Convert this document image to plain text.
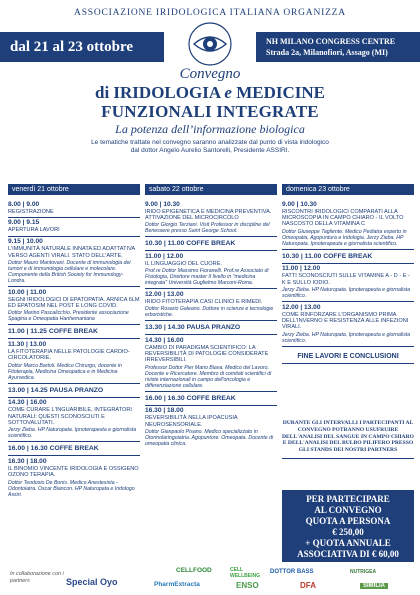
ASSOCIAZIONE IRIDOLOGICA ITALIANA ORGANIZZA
dal 21 al 23 ottobre	NH MILANO CONGRESS CENTRE
Strada 2a, Milanofiori, Assago (MI)
Convegno
di IRIDOLOGIA e MEDICINE
FUNZIONALI INTEGRATE
La potenza dell’informazione biologica
Le tematiche trattate nel convegno saranno analizzate dal punto di vista iridologico
dal dottor Angelo Aurelio Santorelli, Presidente ASSIRI.
venerdì 21 ottobre
8.00 | 9.00
REGISTRAZIONE
9.00 | 9.15
APERTURA LAVORI
9.15 | 10.00
L'IMMUNITÀ NATURALE INNATA ED ADATTATIVA VERSO AGENTI VIRALI. STATO DELL'ARTE.
Dottor Mauro Mantovani. Docente di immunologia dei tumori e di immunologia cellulare e molecolare. Componente della British Society for Immunology-Londra.
10.00 | 11.00
SEGNI IRIDOLOGICI DI EPATOPATIA. ARNICA 6LM ED EPATOSIM NEL POST E LONG COVID.
Dottor Marino Pascalicchio. Presidente associazione Spagiria e Omeopatia Hanhemaniana
11.00 | 11.25 COFFE BREAK
11.30 | 13.00
LA FITOTERAPIA NELLE PATOLOGIE CARDIO-CIRCOLATORIE.
Dottor Marco Bartoli. Medico Chirurgo, docente in Fitoterapia, Medicina Omeopatica e in Medicina Ayurvedica.
13.00 | 14.25 PAUSA PRANZO
14.30 | 16.00
COME CURARE L'INGUARIBILE, INTEGRATORI NATURALI: QUESTI SCONOSCIUTI E SOTTOVALUTATI.
Jerzy Zieba. HP Naturopata. Ipnoterapeuta e giornalista scientifico.
16.00 | 16.30 COFFE BREAK
16.30 | 18.00
IL BINOMIO VINCENTE IRIDOLOGIA E OSSIGENO OZONO TERAPIA.
Dottor Teodosio De Bonis. Medico Anestesista - Odontoiatra. Oscar Biancon. HP Naturopata e Iridologo Assiri.
sabato 22 ottobre
9.00 | 10.30
IRIDO EPIGENETICA E MEDICINA PREVENTIVA. ATTIVAZIONE DEL MICROCIRCOLO
Dottor Giorgio Terziani. Visit Professor in discipline del Benessere presso Saint George School.
10.30 | 11.00 COFFE BREAK
11.00 | 12.00
IL LINGUAGGIO DEL CUORE.
Prof.re Dottor Massimo Fioranelli. Prof.re Associato di Fisiologia, Direttore master II livello in "medicina integrata" Università Guglielmo Marconi-Roma.
12.00 | 13.00
IRIDO FITOTERAPIA CASI CLINICI E RIMEDI.
Dottor Rosario Galeano. Dottore in scienze e tecnologie erboristiche.
13.30 | 14.30 PAUSA PRANZO
14.30 | 16.00
CAMBIO DI PARADIGMA SCIENTIFICO: LA REVERSIBILITÀ DI PATOLOGIE CONSIDERATE IRREVERSIBILI.
Professor Dottor Pier Mario Biava. Medico del Lavoro, Docente e Ricercatore. Membro di comitati scientifici di riviste internazionali in campo dell'oncologia e differenziazione cellulare.
16.00 | 16.30 COFFE BREAK
16.30 | 18.00
REVERSIBILITÀ NELLA IPOACUSIA NEUROSENSORIALE.
Dottor Gianpaolo Pisano. Medico specializzato in Otorinolaringoiatria. Agopuntore. Omeopata. Docente di omeopatia clinica.
domenica 23 ottobre
9.00 | 10.30
RISCONTRI IRIDOLOGICI COMPARATI ALLA MICROSCOPIA IN CAMPO CHIARO - IL VOLTO NASCOSTO DELLA VITAMINA C
Dottor Giuseppe Tagliente. Medico Pediatra esperto in Omeopatia, Agopuntura e Iridologia. Jerzy Zieba. HP Naturopata. Ipnoterapeuta e giornalista scientifico.
10.30 | 11.00 COFFE BREAK
11.00 | 12.00
FATTI SCONOSCIUTI SULLE VITAMINE A - D - E - K E SULLO IODIO.
Jerzy Zieba. HP Naturopata. Ipnoterapeuta e giornalista scientifico.
12.00 | 13.00
COME RINFORZARE L'ORGANISMO PRIMA DELL'INVERNO E RESISTENZA ALLE INFEZIONI VIRALI.
Jerzy Zieba. HP Naturopata. Ipnoterapeuta e giornalista scientifico.
FINE LAVORI E CONCLUSIONI
DURANTE GLI INTERVALLI I PARTECIPANTI AL CONVEGNO POTRANNO USUFRUIRE DELL'ANALISI DEL SANGUE IN CAMPO CHIARO E DELL'ANALISI DEL BULBO PILIFERO PRESSO GLI STANDS DEI NOSTRI PARTNERS
PER PARTECIPARE
AL CONVEGNO
QUOTA A PERSONA
€ 250,00
+ QUOTA ANNUALE
ASSOCIATIVA DI € 60,00
In collaborazione con i partners	Special Oyo
CELLFOOD
PharmExtracta
CELL WELLBEING
ENSO
DOTTOR BASS
DFA
NUTRIGEA
SIMILIA
